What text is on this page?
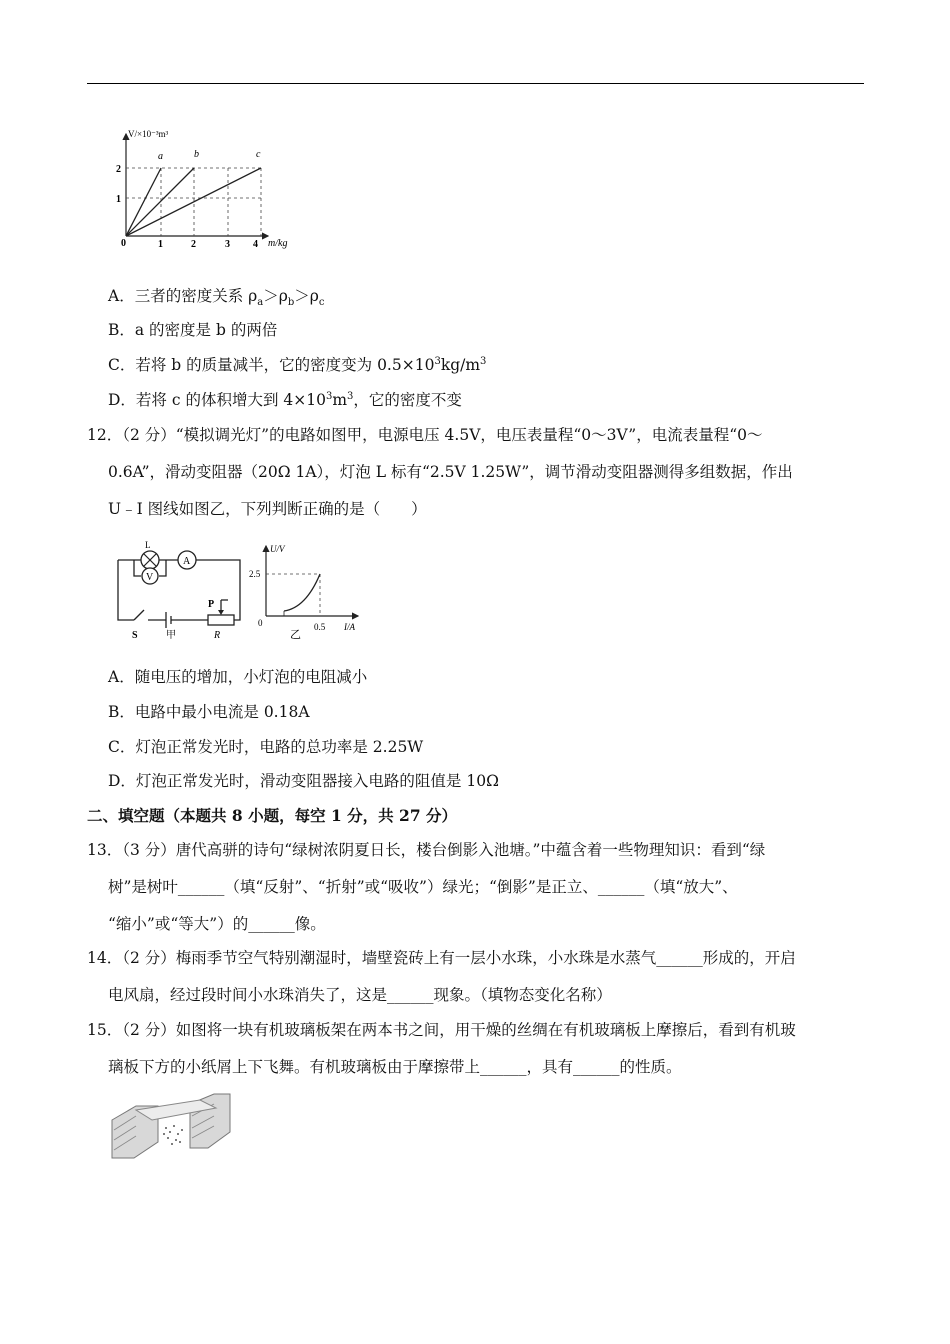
V/×10⁻³m³
m/kg
0	1	2	3 4
1
2
a	b	c
A．三者的密度关系 $\rho_a>\rho_b>\rho_c$
B．a 的密度是 b 的两倍
C．若将 b 的质量减半，它的密度变为 $0.5\times 10^3kg/m^3$
D．若将 c 的体积增大到 $4\times 10^3m^3$，它的密度不变
12．（2 分）“模拟调光灯”的电路如图甲，电源电压 4.5V，电压表量程“0～3V”，电流表量程“0～
0.6A”，滑动变阻器（20Ω 1A），灯泡 L 标有“2.5V 1.25W”，调节滑动变阻器测得多组数据，作出
U﹣I 图线如图乙，下列判断正确的是（　　）
L
A
V
P
S	甲	R
U/V
2.5
0.5 I/A
0
乙
A．随电压的增加，小灯泡的电阻减小
B．电路中最小电流是 0.18A
C．灯泡正常发光时，电路的总功率是 2.25W
D．灯泡正常发光时，滑动变阻器接入电路的阻值是 10Ω
二、填空题（本题共 8 小题，每空 1 分，共 27 分）
13．（3 分）唐代高骈的诗句“绿树浓阴夏日长，楼台倒影入池塘。”中蕴含着一些物理知识：看到“绿
树”是树叶______（填“反射”、“折射”或“吸收”）绿光；“倒影”是正立、______（填“放大”、
“缩小”或“等大”）的______像。
14．（2 分）梅雨季节空气特别潮湿时，墙壁瓷砖上有一层小水珠，小水珠是水蒸气______形成的，开启
电风扇，经过段时间小水珠消失了，这是______现象。（填物态变化名称）
15．（2 分）如图将一块有机玻璃板架在两本书之间，用干燥的丝绸在有机玻璃板上摩擦后，看到有机玻
璃板下方的小纸屑上下飞舞。有机玻璃板由于摩擦带上______，具有______的性质。
